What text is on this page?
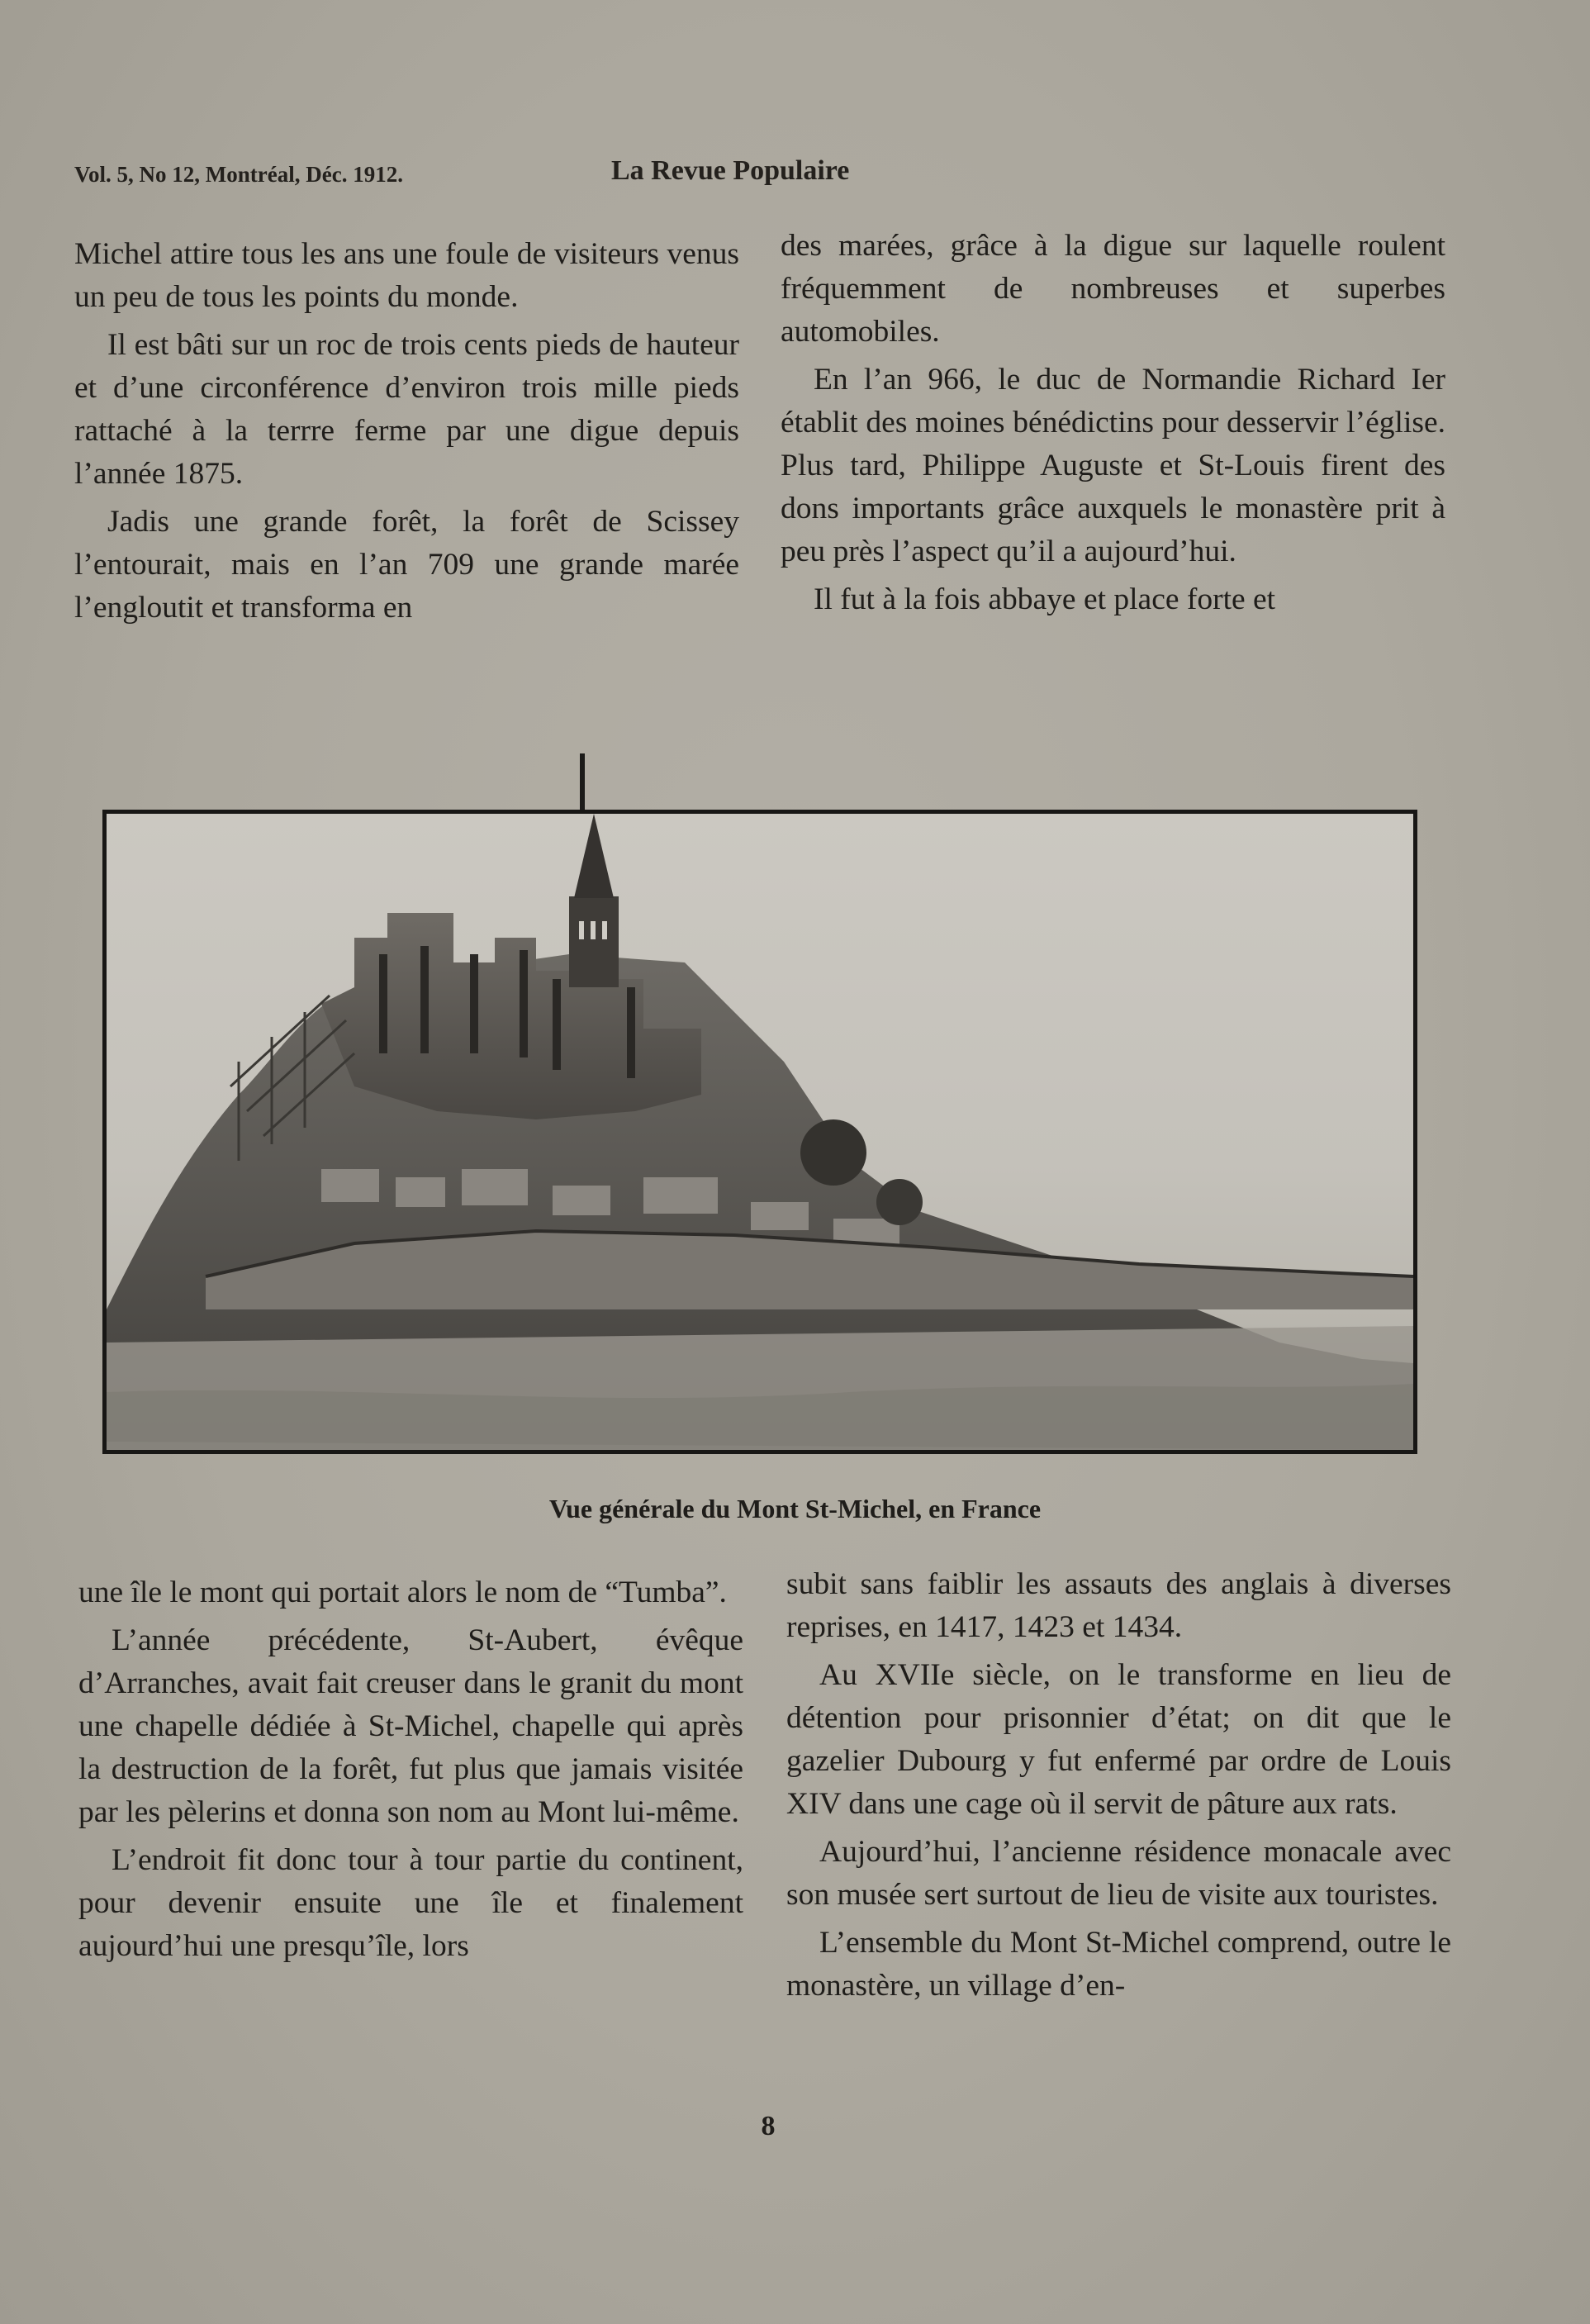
Vol. 5, No 12, Montréal, Déc. 1912.	La Revue Populaire

Michel attire tous les ans une foule de visiteurs venus un peu de tous les points du monde.

Il est bâti sur un roc de trois cents pieds de hauteur et d’une circonférence d’environ trois mille pieds rattaché à la terrre ferme par une digue depuis l’année 1875.

Jadis une grande forêt, la forêt de Scissey l’entourait, mais en l’an 709 une grande marée l’engloutit et transforma en

des marées, grâce à la digue sur laquelle roulent fréquemment de nombreuses et superbes automobiles.

En l’an 966, le duc de Normandie Richard Ier établit des moines bénédictins pour desservir l’église. Plus tard, Philippe Auguste et St-Louis firent des dons importants grâce auxquels le monastère prit à peu près l’aspect qu’il a aujourd’hui.

Il fut à la fois abbaye et place forte et

Vue générale du Mont St-Michel, en France

une île le mont qui portait alors le nom de “Tumba”.

L’année précédente, St-Aubert, évêque d’Arranches, avait fait creuser dans le granit du mont une chapelle dédiée à St-Michel, chapelle qui après la destruction de la forêt, fut plus que jamais visitée par les pèlerins et donna son nom au Mont lui-même.

L’endroit fit donc tour à tour partie du continent, pour devenir ensuite une île et finalement aujourd’hui une presqu’île, lors

subit sans faiblir les assauts des anglais à diverses reprises, en 1417, 1423 et 1434.

Au XVIIe siècle, on le transforme en lieu de détention pour prisonnier d’état; on dit que le gazelier Dubourg y fut enfermé par ordre de Louis XIV dans une cage où il servit de pâture aux rats.

Aujourd’hui, l’ancienne résidence monacale avec son musée sert surtout de lieu de visite aux touristes.

L’ensemble du Mont St-Michel comprend, outre le monastère, un village d’en-

8
